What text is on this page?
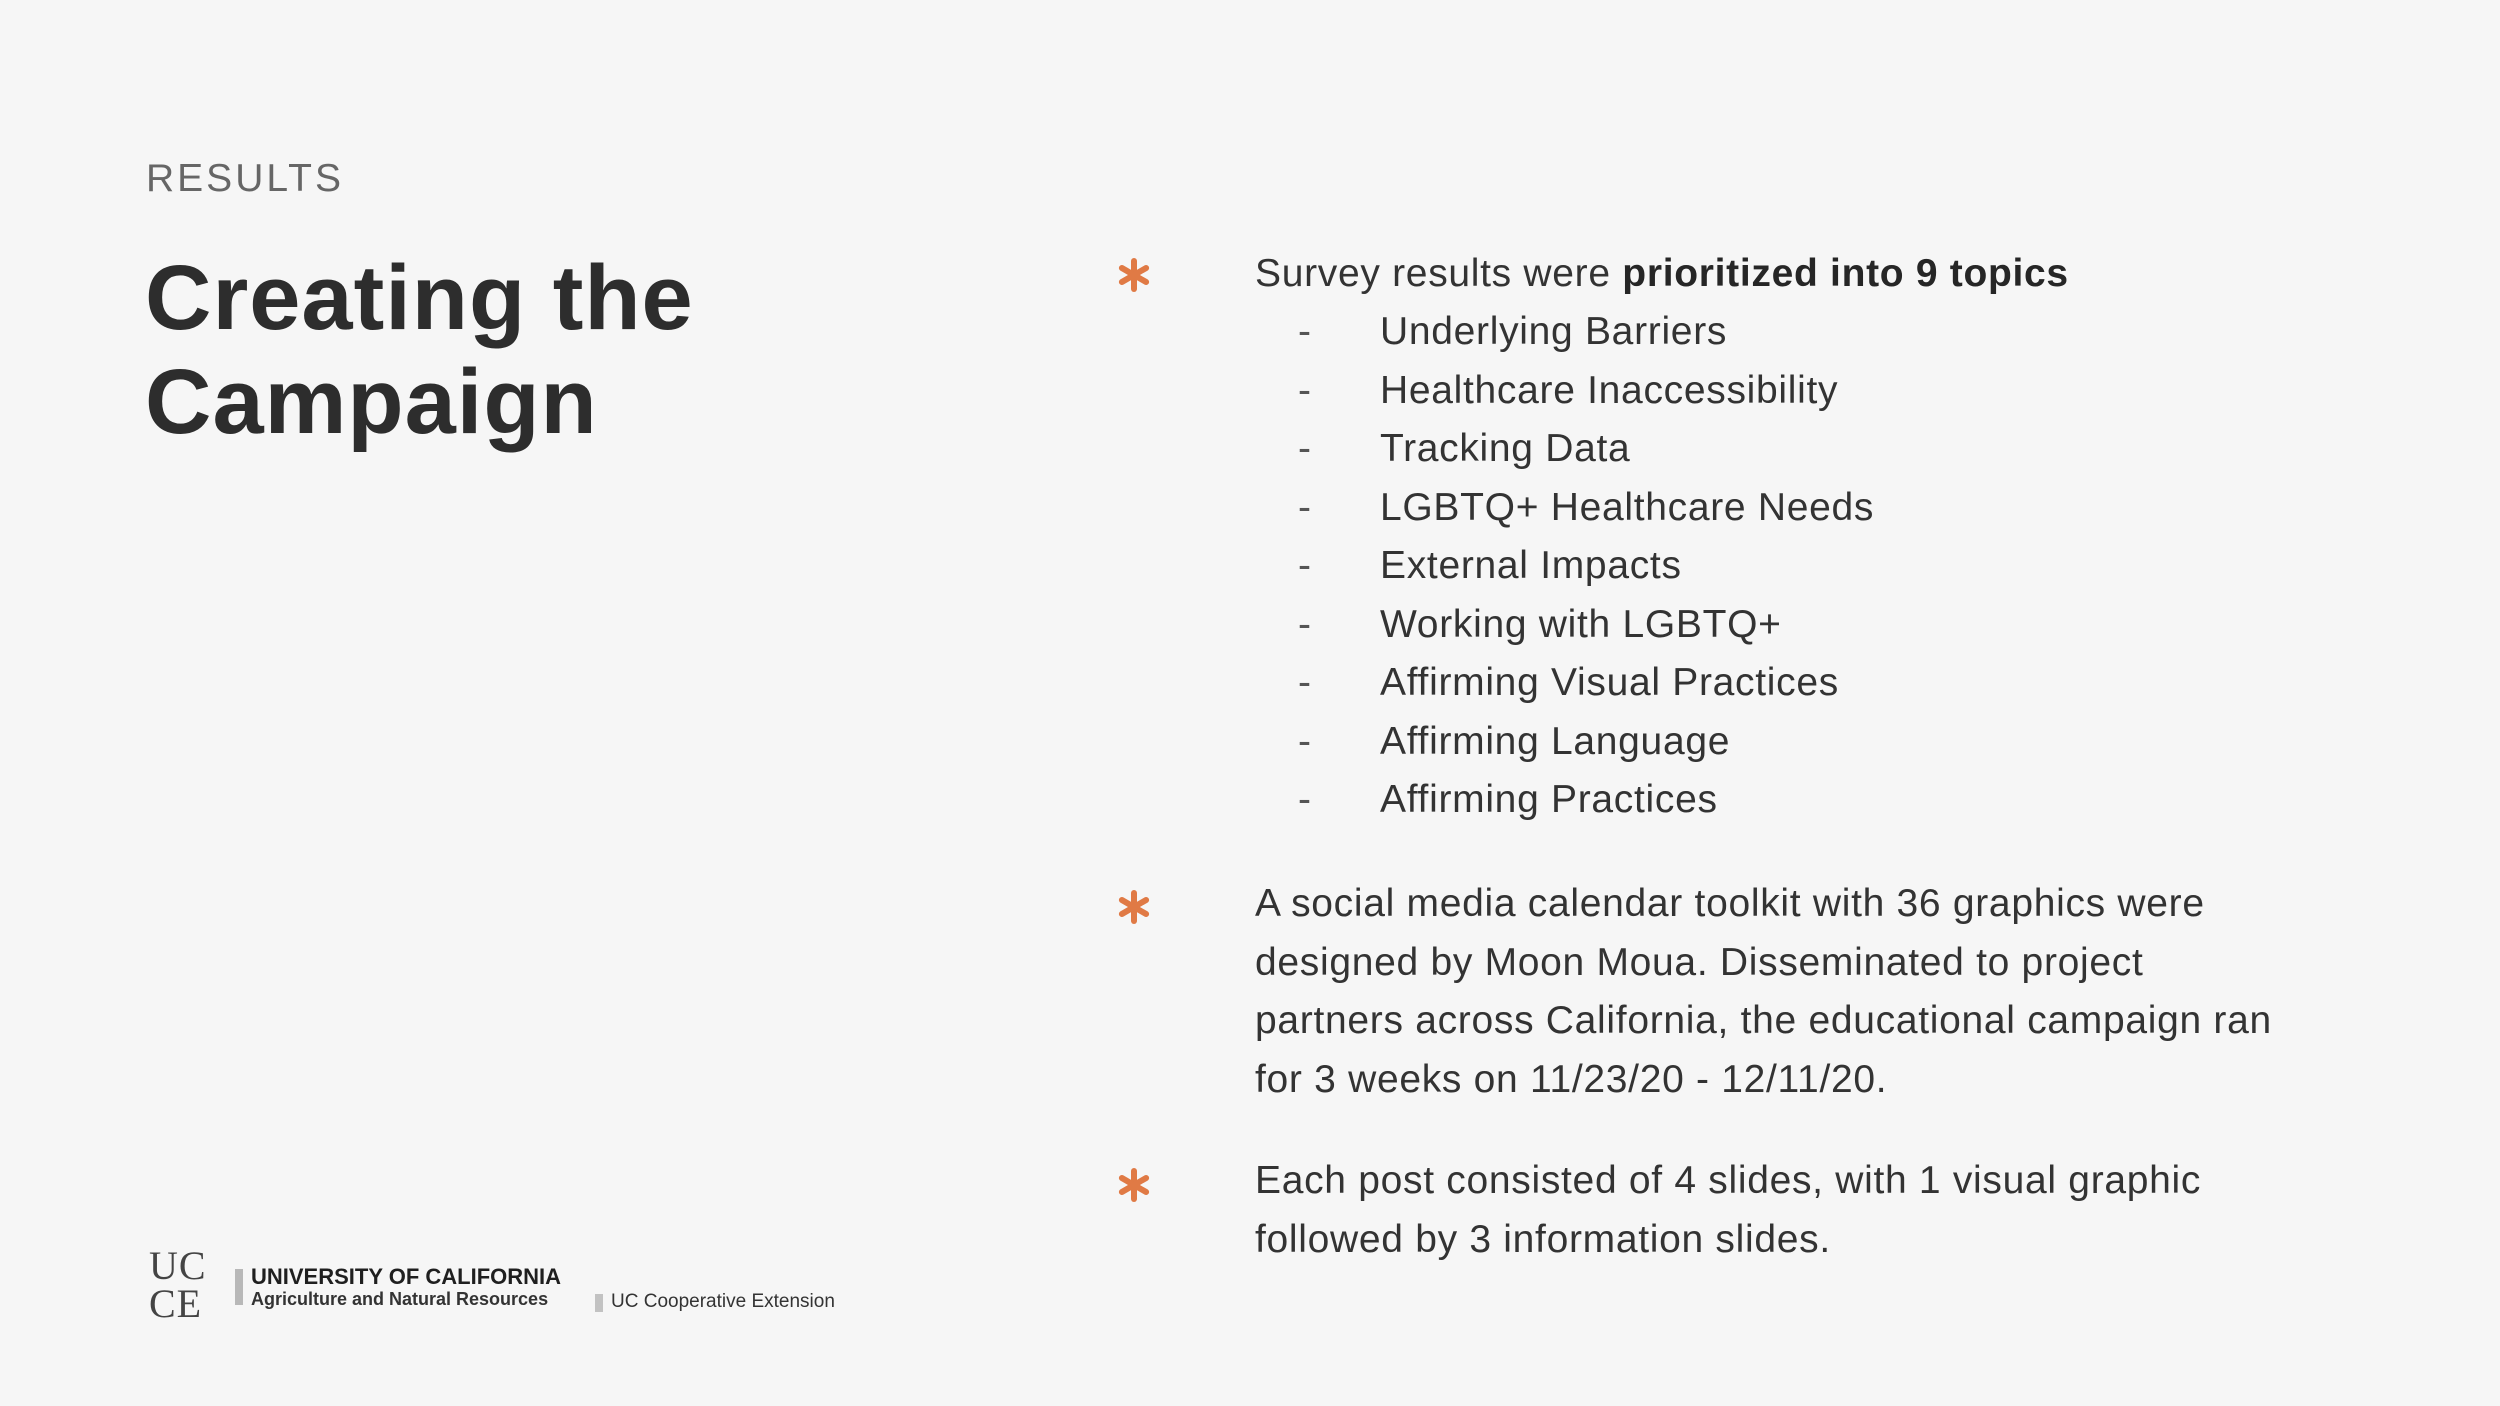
RESULTS
Creating the
Campaign
Survey results were prioritized into 9 topics
- Underlying Barriers
- Healthcare Inaccessibility
- Tracking Data
- LGBTQ+ Healthcare Needs
- External Impacts
- Working with LGBTQ+
- Affirming Visual Practices
- Affirming Language
- Affirming Practices
A social media calendar toolkit with 36 graphics were designed by Moon Moua. Disseminated to project partners across California, the educational campaign ran for 3 weeks on 11/23/20 - 12/11/20.
Each post consisted of 4 slides, with 1 visual graphic followed by 3 information slides.
UC
CE
UNIVERSITY OF CALIFORNIA
Agriculture and Natural Resources	UC Cooperative Extension
